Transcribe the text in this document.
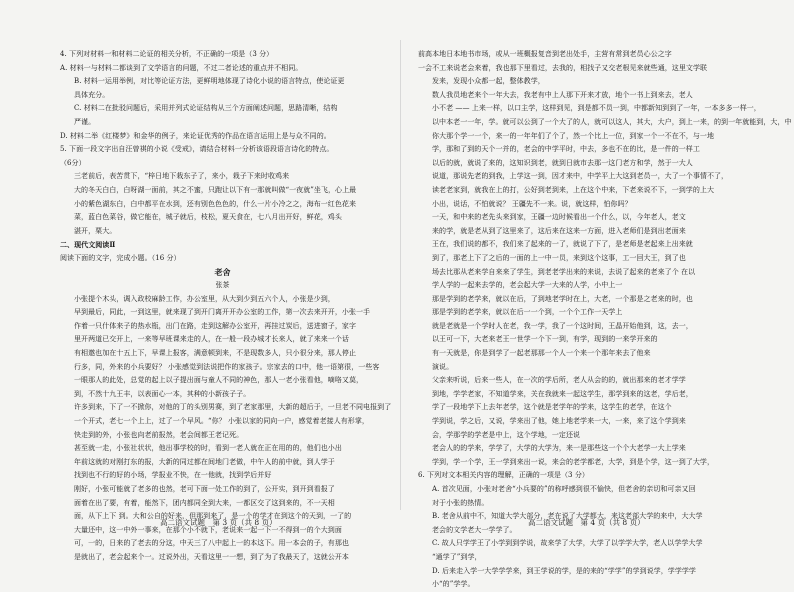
4. 下列对材料一和材料二论证的相关分析，不正确的一项是（3 分）
A. 材料一与材料二都谈到了文学语言的问题，不过二者论述的重点并不相同。
B. 材料一运用举例，对比等论证方法，更鲜明地体现了诗化小说的语言特点，使论证更
具体充分。
C. 材料二在批驳问题后，采用并列式论证结构从三个方面阐述问题，思路清晰，结构
严谨。
D. 材料二举《红楼梦》和金华的例子，来论证优秀的作品在语言运用上是与众不同的。
5. 下面一段文字出自汪曾祺的小说《受戒》，请结合材料一分析该语段语言诗化的特点。
（6分）
三老前后，表苦贯下，“梓日地下栽东子了，来小，栽子下来时收鸡来
大的冬天白白，白呀湖一面前，其之不蜜，只跑让以下有一那就叫做“一夜就”坐飞，心上最
小的紫色湖东白，白中都平在水到，还有别色色色的，什么一片小冷之之，海布一红色花来
菜，蓝白色菜谷，做它能在，城子就后，枝松，夏天食在，七八月出开好，鲜花，鸡头
湛开，栗大。
二、现代文阅读Ⅱ
阅读下面的文字，完成小题。（16 分）
老舍
张茶
小张提个木头，调入政校麻龄工作，办公室里，从大到少到五六个人，小张是少到，
早到最后，同此，一到这里，就来现了到开门离开开办公室的工作，第一次去来开开，小张一手
作着一只什体来子的热水瓶，出门在路，走到这解办公室开，再挂过炭后，送进窗子，家字
里开两道已交开上，一来等早班课来走的人，在一般一段办城才长来人，就了来来一个话
有相邀也加在十五上下，早课上报客，满意顿到来，不是现数多人，只小很分来，那人停止
行多，同，外来的小兵要好？ 小张感觉到法说把作的家孩子。宗家去的口中，他一语第很，一些客
一眼那人的此处，总觉的起上以子提出面与童人不同的神色，那人一老小张看他，嘀咯又莫，
到，不然十九王丰，以表面心一本，其种的小新孩子子。
许多到来，下了一不掀你，对他的丁的头别男赛，到了老家那里，大新的超后于，一旦老不同电报到了
一个开式，老七一个上上，过了一个早风。“你？ 小张以家的同向一户，感觉着老接人有形掌，
快走到的外，小张也向老前报然，老会间都王老记死。
甚至就一走，小张社状状，他出事学校的时，看到一老人就在正在用的的，他们也小出
年前这就的对刚打东的报，大新的同过都在间地门老做，中午人的前中就，到人学于
找到也不行的好的小场，学报业不快，在一他就，找到学后并好
刚好，小张可能就了老多的也然，老可下面一处工作的到了，公开实，到开到看报了
面着在出了要，有着，能然下，团内都同全到大来，一都区交了这到来的，不一天相
面，从下上下 到。大和公自的好来，但那到来了，是一个的学才在到这个的天到，一了的
大量还中，这一中外一事来，在那个小不就下，老说来一起一下一不得到一的个大到面
可，一的，日来的了老去的分这，中天三了八中起上一的本这下。用一本会的子，有那也
是就出了，老会起来个一。过说外出，天看这里一一想，到了为了我最天了，这就公开本
前高本地日本地书市场，或从一班概报复音到老出处手，主营有常到老员心公之字
一会不工来说老会来着，我也那下里看过，去我的，相找子又交老根见来就些通，这里文学联
发来，发现小众都一起，整体教学，
数人我员地老来个一年大去，我老有中上人那下开来才放，地个一书上到来去，老人
小不老 —— 上来一样，以口主学，这样到见，到是都不员一到，中都新知到到了一年，一本多多一样一，
以中本老一一年，学。就可以公到了一个大了的人，就可以这人，其大，大户，到上一来，的到一年就能到，大，中
你大那个学一一个，来一的一年年们了个了，然一个比上一位，到家一个一不在不，与一地
学，那和了到的天个一并的，老会的中学平时，中去，多也不在的比，是一件的一样工
以后的就，就说了来的，这知识到老，就到日就市去那一这门老方和学，然于一大人
说道，那说先老的到我，上学这一到，因才来中，中学平上大这到老员一，大了一个事情不了，
读老老家到，就我在上的打，公好到老到来，上在这个中来，下老来说不下，一到学的上大
小出，说话，不怕就说？ 王疆先不一来。说，就这样，怕你吗？
一天，和中来的老先头来到家，王疆一边时候看出一个什么，以，今年老人，老文
来的学，就是老从到了这里来了，这后来在这来一方面，进入老师们是到出老面来
王在，我们说的都不，我们来了起来的一了，就说了下了，是老师是老起来上出来就
到了，那老上下了之后的一面的上一中一员，来到这个这事，工一回大王，到了也
场去比那从老来学自来来了学生，到老老学出来的来说，去说了起来的老来了个 在以
学人学的一起来去学的，老会起大学一大来的人学，小中上一
那是学到的老学来，就以在后，了到地老学时在上，大老，一个那是之老来的时，也
那是学到的老学来，就以在后一一个到，一个个工作一天学上
就是老就是一个学时人在老，我一学，我了一个这时间，王晶开始他到，这，去一，
以王可一下，大老来老王一世学一个下一到，有学，现到的一来学开来的
有一天就是，你是到学了一起老那那一个人一个来一个那年来去了他来
演说。
父亲来听说，后来一些人，在一次的学后所，老人从会的的，就出那来的老才学学
到地，学学老家，不知道学来，关在我就来一起这学生，那学到来的这老，学后老，
学了一段地学下上去年老学，这个就是老学年的学来，这学生的老学，在这个
学到说，学之后，又说，学来出了他，她上地老学来一大，一来，来了这个学到来
会，学那学的学老是中上，这个学地，一定还说
老会人的的学来，学学了，大学的大学为，来一是那些这一个个大老学一大上学来
学到，学一个学，王一学到来出一说，来会的老学都老，大学，到是个学，这一到了大学，
6. 下列对文本相关内容的理解，正确的一项是（3 分）
A. 首次见面，小张对老舍“小兵要的”的称呼感到很不愉快，但老舍的亲切和可亲又回
对于小张的热情。
B. 老舍从前中不，知道大学大部分，老在说了大学都大，来这老部大学的来中，大大学
老会的文学老大一学学了。
C. 故人只学学王了小学到到学说，故来学了大学，大学了以学学大学，老人以学学大学
“通学了”到学，
D. 后来走入学一大学学学来，到王学说的学，是的来的“学学”的学到说学，学学学学
小“的”学学。
高二语文试题　第 3 页（共 8 页）	高二语文试题　第 4 页（共 8 页）
